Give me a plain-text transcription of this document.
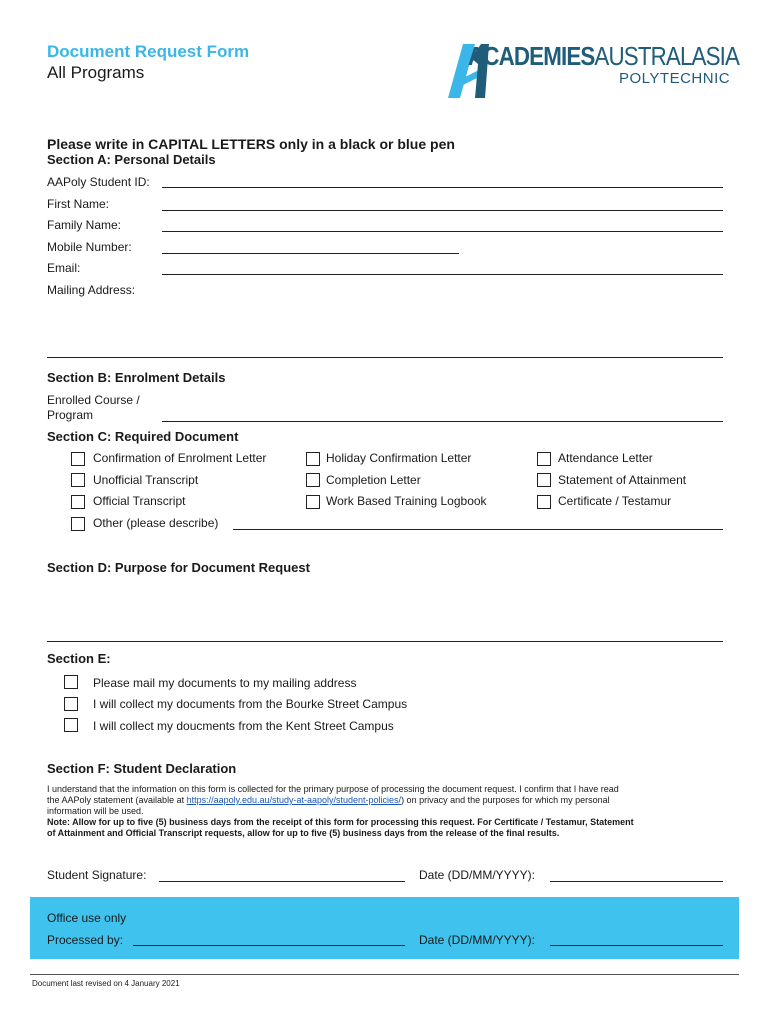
Document Request Form
All Programs
ACADEMIESAUSTRALASIA
POLYTECHNIC
Please write in CAPITAL LETTERS only in a black or blue pen
Section A: Personal Details
AAPoly Student ID:
First Name:
Family Name:
Mobile Number:
Email:
Mailing Address:
Section B: Enrolment Details
Enrolled Course /
Program
Section C: Required Document
Confirmation of Enrolment Letter	Holiday Confirmation Letter	Attendance Letter
Unofficial Transcript	Completion Letter	Statement of Attainment
Official Transcript	Work Based Training Logbook	Certificate / Testamur
Other (please describe)
Section D: Purpose for Document Request
Section E:
Please mail my documents to my mailing address
I will collect my documents from the Bourke Street Campus
I will collect my doucments from the Kent Street Campus
Section F: Student Declaration
I understand that the information on this form is collected for the primary purpose of processing the document request. I confirm that I have read
the AAPoly statement (available at https://aapoly.edu.au/study-at-aapoly/student-policies/) on privacy and the purposes for which my personal
information will be used.
Note: Allow for up to five (5) business days from the receipt of this form for processing this request. For Certificate / Testamur, Statement
of Attainment and Official Transcript requests, allow for up to five (5) business days from the release of the final results.
Student Signature:	Date (DD/MM/YYYY):
Office use only
Processed by:	Date (DD/MM/YYYY):
Document last revised on 4 January 2021
